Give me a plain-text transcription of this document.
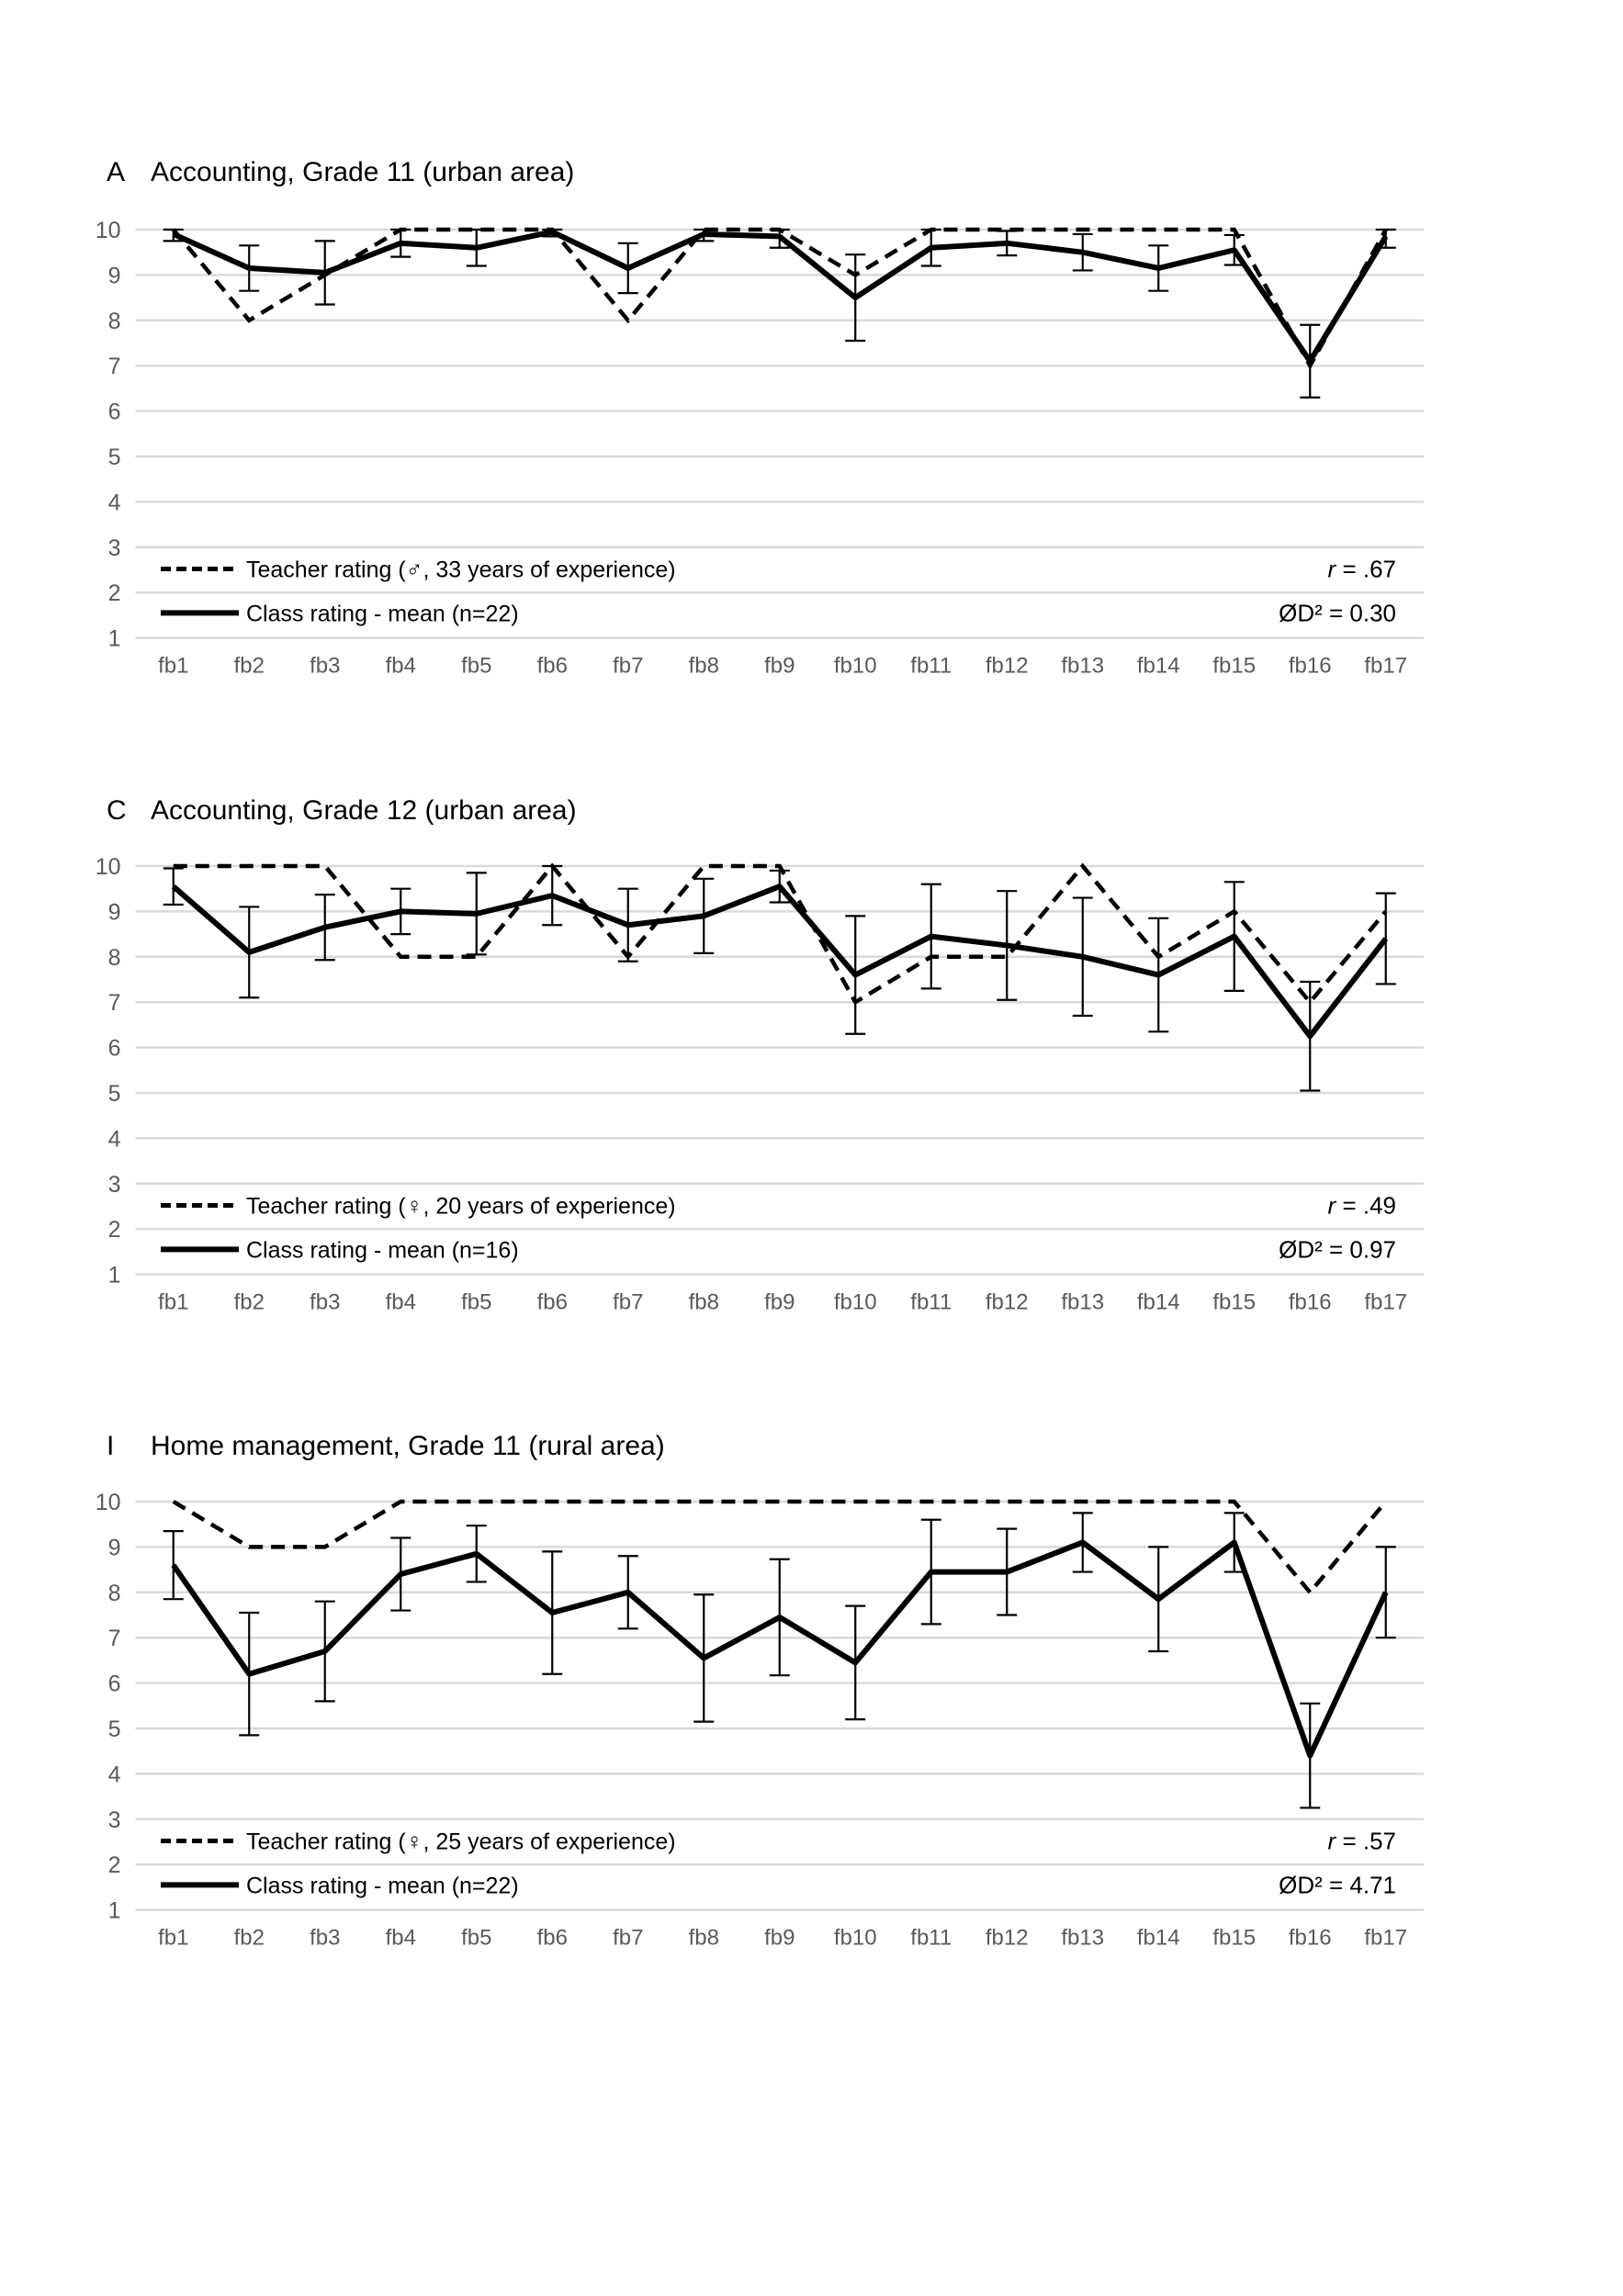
A Accounting, Grade 11 (urban area)
1
2
3
4
5
6
7
8
9
10
fb1 fb2 fb3 fb4 fb5 fb6 fb7 fb8 fb9 fb10 fb11 fb12 fb13 fb14 fb15 fb16 fb17
Teacher rating (♂, 33 years of experience)
Class rating - mean (n=22)
r = .67
ØD² = 0.30
C Accounting, Grade 12 (urban area)
1
2
3
4
5
6
7
8
9
10
fb1 fb2 fb3 fb4 fb5 fb6 fb7 fb8 fb9 fb10 fb11 fb12 fb13 fb14 fb15 fb16 fb17
Teacher rating (♀, 20 years of experience)
Class rating - mean (n=16)
r = .49
ØD² = 0.97
I	Home management, Grade 11 (rural area)
1
2
3
4
5
6
7
8
9
10
fb1 fb2 fb3 fb4 fb5 fb6 fb7 fb8 fb9 fb10 fb11 fb12 fb13 fb14 fb15 fb16 fb17
Teacher rating (♀, 25 years of experience)
Class rating - mean (n=22)
r = .57
ØD² = 4.71
